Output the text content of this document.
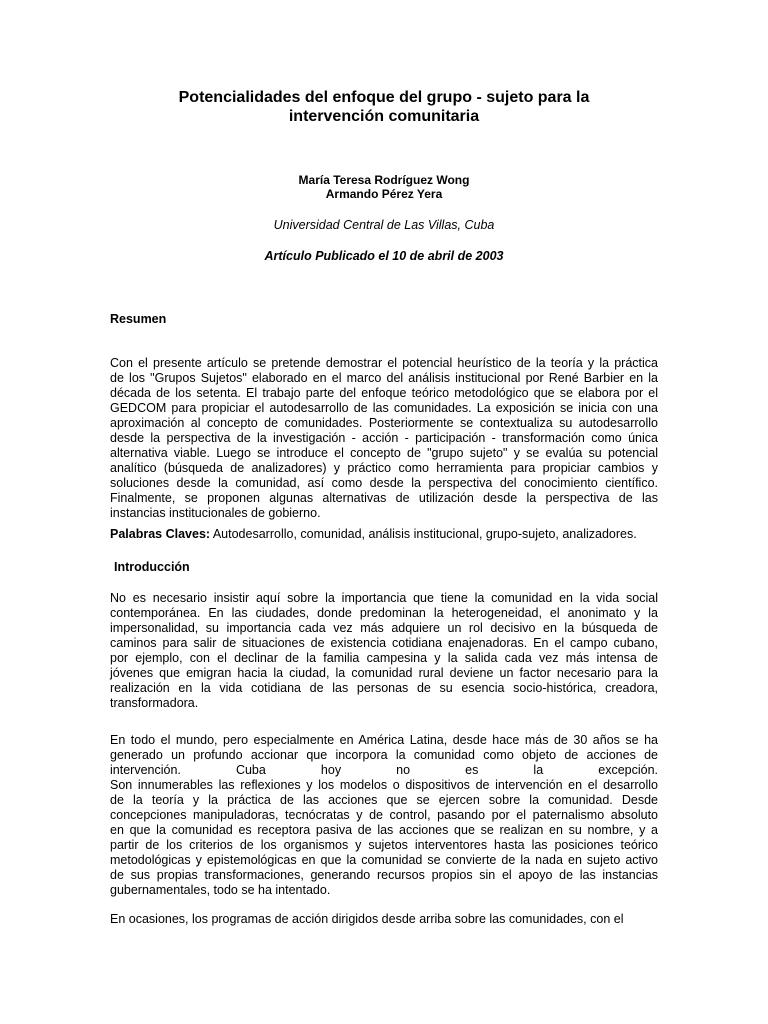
Potencialidades del enfoque del grupo - sujeto para la
intervención comunitaria
María Teresa Rodríguez Wong
Armando Pérez Yera
Universidad Central de Las Villas, Cuba
Artículo Publicado el 10 de abril de 2003
Resumen
Con el presente artículo se pretende demostrar el potencial heurístico de la teoría y la práctica
de los "Grupos Sujetos" elaborado en el marco del análisis institucional por René Barbier en la
década de los setenta. El trabajo parte del enfoque teórico metodológico que se elabora por el
GEDCOM para propiciar el autodesarrollo de las comunidades. La exposición se inicia con una
aproximación al concepto de comunidades. Posteriormente se contextualiza su autodesarrollo
desde la perspectiva de la investigación - acción - participación - transformación como única
alternativa viable. Luego se introduce el concepto de "grupo sujeto" y se evalúa su potencial
analítico (búsqueda de analizadores) y práctico como herramienta para propiciar cambios y
soluciones desde la comunidad, así como desde la perspectiva del conocimiento científico.
Finalmente, se proponen algunas alternativas de utilización desde la perspectiva de las
instancias institucionales de gobierno.
Palabras Claves: Autodesarrollo, comunidad, análisis institucional, grupo-sujeto, analizadores.
Introducción
No es necesario insistir aquí sobre la importancia que tiene la comunidad en la vida social
contemporánea. En las ciudades, donde predominan la heterogeneidad, el anonimato y la
impersonalidad, su importancia cada vez más adquiere un rol decisivo en la búsqueda de
caminos para salir de situaciones de existencia cotidiana enajenadoras. En el campo cubano,
por ejemplo, con el declinar de la familia campesina y la salida cada vez más intensa de
jóvenes que emigran hacia la ciudad, la comunidad rural deviene un factor necesario para la
realización en la vida cotidiana de las personas de su esencia socio-histórica, creadora,
transformadora.
En todo el mundo, pero especialmente en América Latina, desde hace más de 30 años se ha
generado un profundo accionar que incorpora la comunidad como objeto de acciones de
intervención. Cuba hoy no es la excepción.
Son innumerables las reflexiones y los modelos o dispositivos de intervención en el desarrollo
de la teoría y la práctica de las acciones que se ejercen sobre la comunidad. Desde
concepciones manipuladoras, tecnócratas y de control, pasando por el paternalismo absoluto
en que la comunidad es receptora pasiva de las acciones que se realizan en su nombre, y a
partir de los criterios de los organismos y sujetos interventores hasta las posiciones teórico
metodológicas y epistemológicas en que la comunidad se convierte de la nada en sujeto activo
de sus propias transformaciones, generando recursos propios sin el apoyo de las instancias
gubernamentales, todo se ha intentado.
En ocasiones, los programas de acción dirigidos desde arriba sobre las comunidades, con el
